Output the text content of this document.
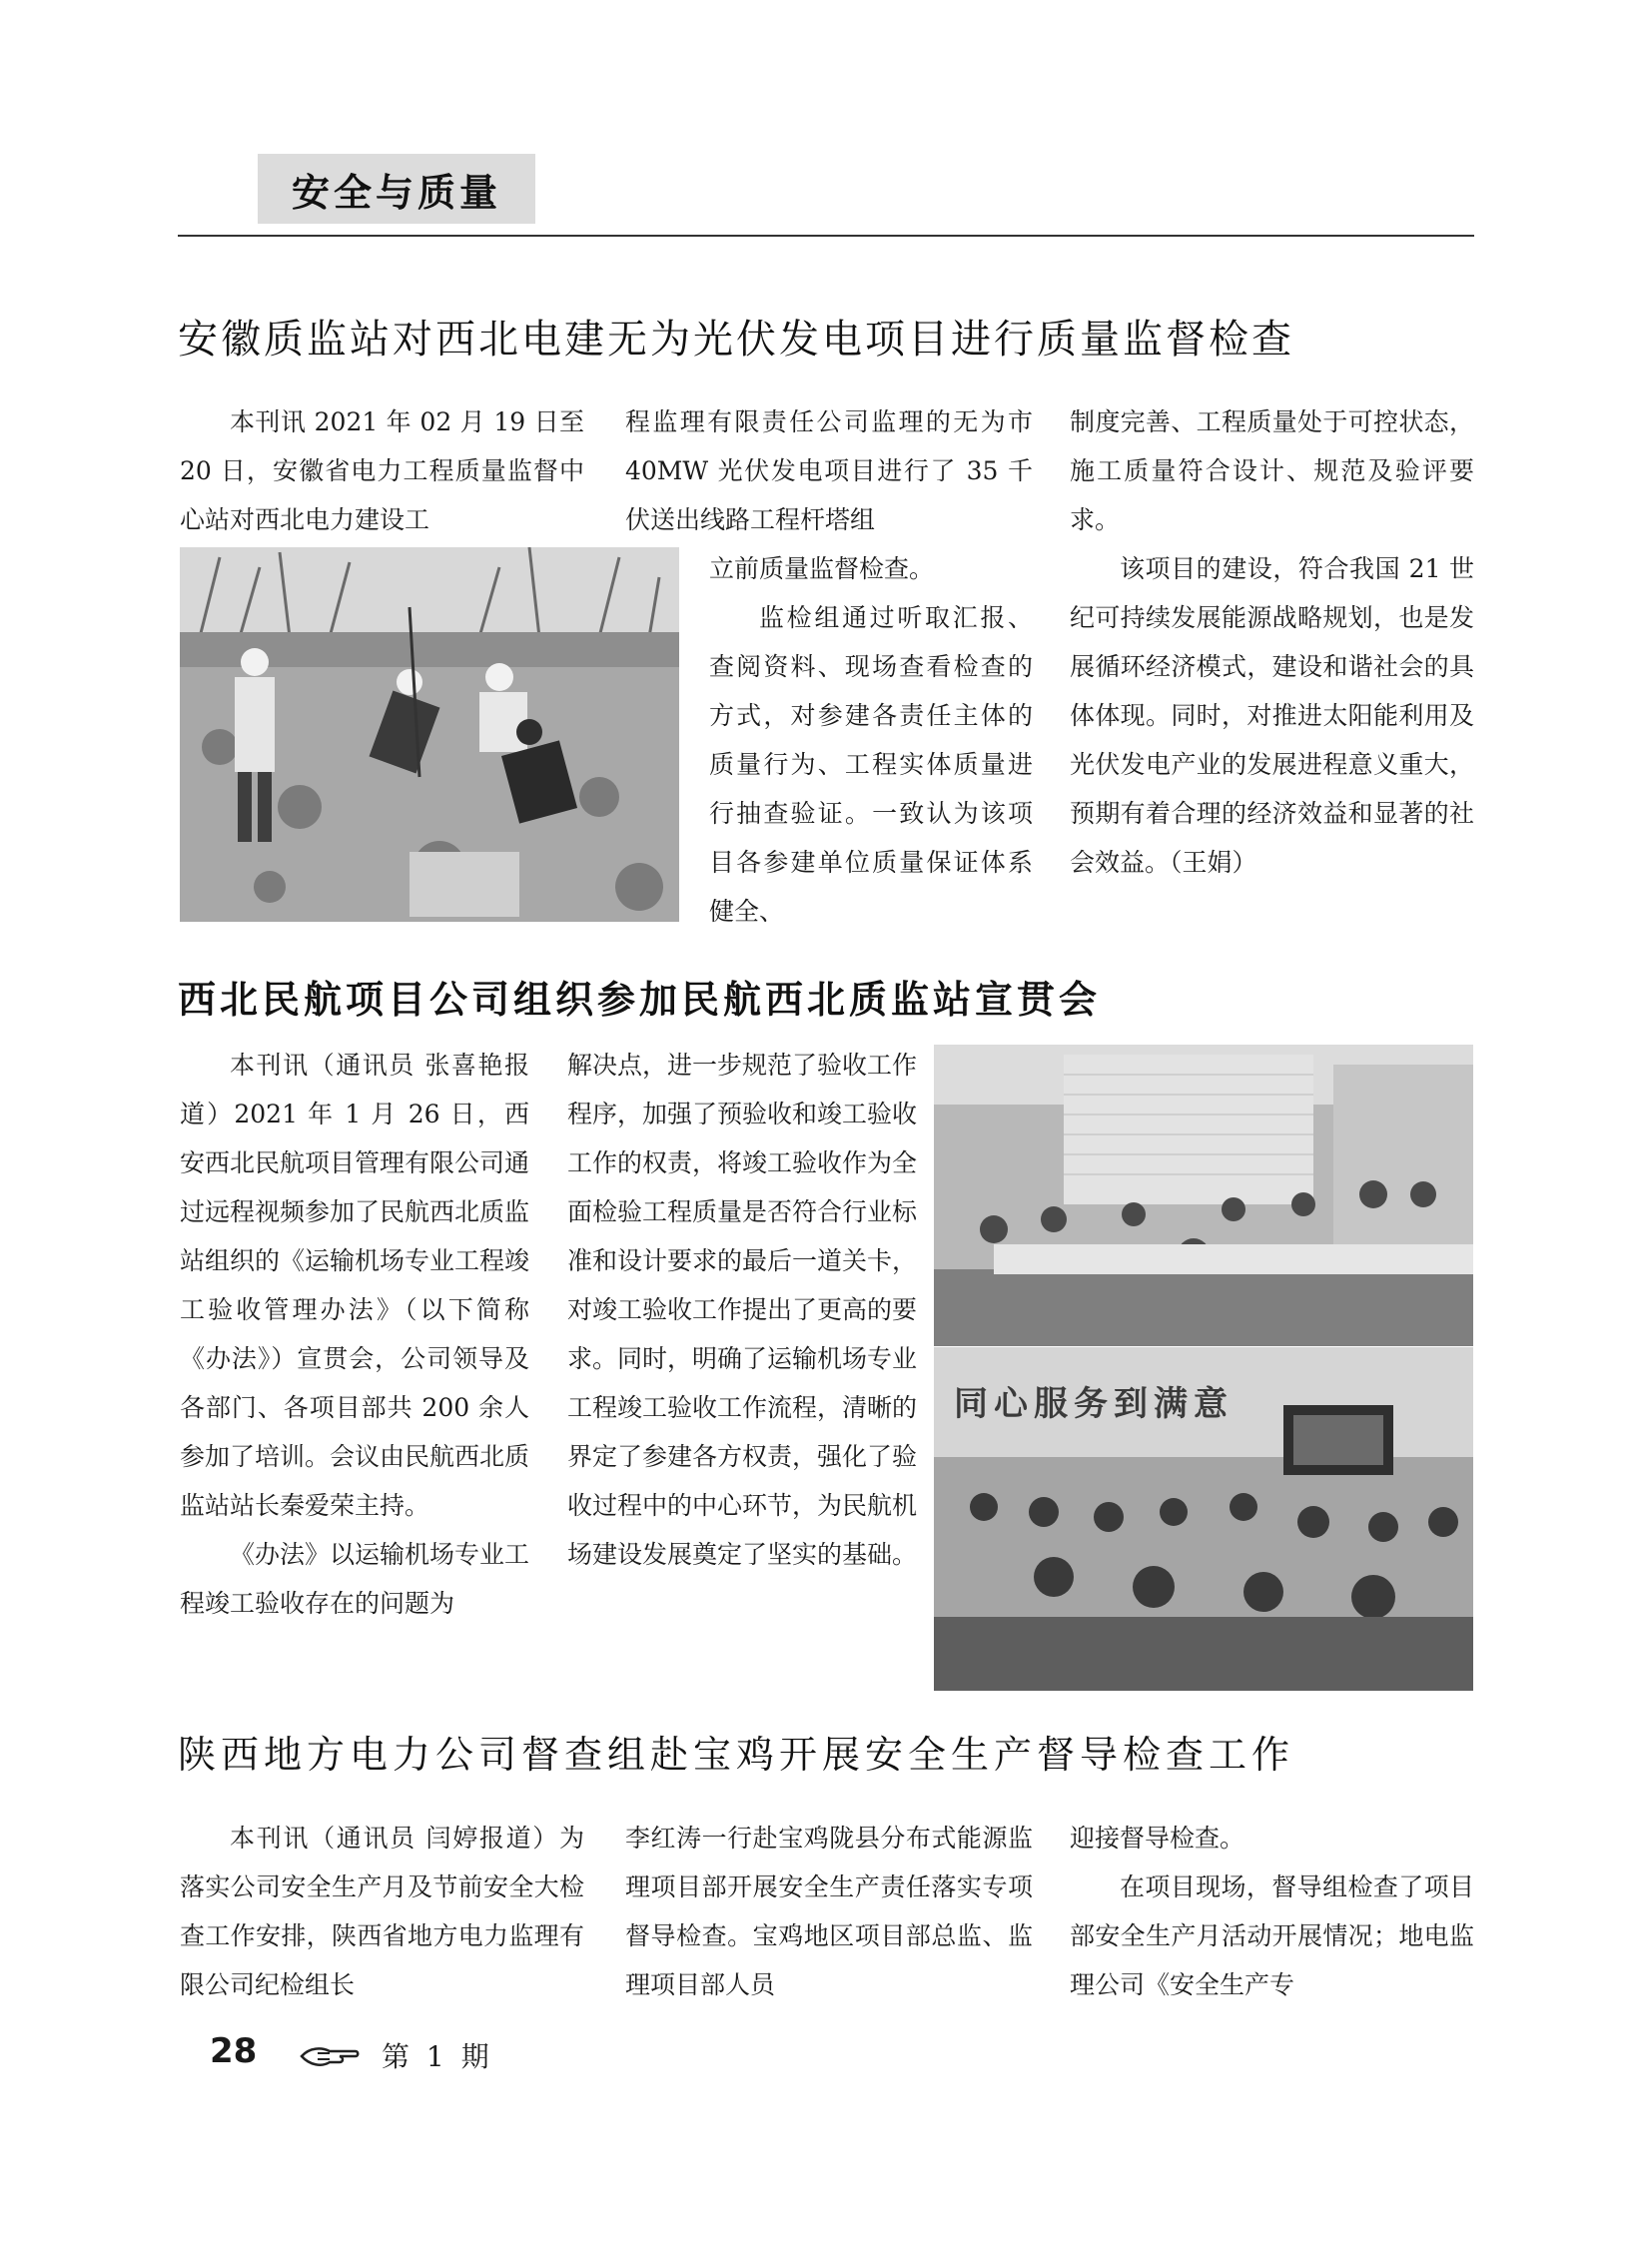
安全与质量
安徽质监站对西北电建无为光伏发电项目进行质量监督检查

本刊讯 2021 年 02 月 19 日至 20 日，安徽省电力工程质量监督中心站对西北电力建设工

程监理有限责任公司监理的无为市 40MW 光伏发电项目进行了 35 千伏送出线路工程杆塔组

立前质量监督检查。

监检组通过听取汇报、查阅资料、现场查看检查的方式，对参建各责任主体的质量行为、工程实体质量进行抽查验证。一致认为该项目各参建单位质量保证体系健全、

制度完善、工程质量处于可控状态，施工质量符合设计、规范及验评要求。

该项目的建设，符合我国 21 世纪可持续发展能源战略规划，也是发展循环经济模式，建设和谐社会的具体体现。同时，对推进太阳能利用及光伏发电产业的发展进程意义重大，预期有着合理的经济效益和显著的社会效益。（王娟）

西北民航项目公司组织参加民航西北质监站宣贯会

本刊讯（通讯员 张喜艳报道）2021 年 1 月 26 日，西安西北民航项目管理有限公司通过远程视频参加了民航西北质监站组织的《运输机场专业工程竣工验收管理办法》（以下简称《办法》）宣贯会，公司领导及各部门、各项目部共 200 余人参加了培训。会议由民航西北质监站站长秦爱荣主持。

《办法》以运输机场专业工程竣工验收存在的问题为

解决点，进一步规范了验收工作程序，加强了预验收和竣工验收工作的权责，将竣工验收作为全面检验工程质量是否符合行业标准和设计要求的最后一道关卡，对竣工验收工作提出了更高的要求。同时，明确了运输机场专业工程竣工验收工作流程，清晰的界定了参建各方权责，强化了验收过程中的中心环节，为民航机场建设发展奠定了坚实的基础。

同心服务到满意
陕西地方电力公司督查组赴宝鸡开展安全生产督导检查工作

本刊讯（通讯员 闫婷报道）为落实公司安全生产月及节前安全大检查工作安排，陕西省地方电力监理有限公司纪检组长

李红涛一行赴宝鸡陇县分布式能源监理项目部开展安全生产责任落实专项督导检查。宝鸡地区项目部总监、监理项目部人员

迎接督导检查。

在项目现场，督导组检查了项目部安全生产月活动开展情况；地电监理公司《安全生产专

28	第 1 期
